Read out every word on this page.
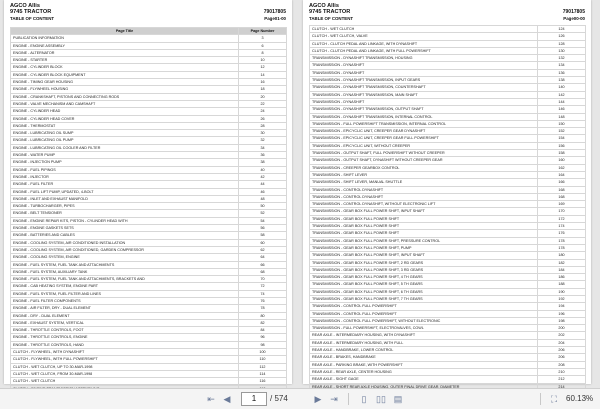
AGCO Allis
9745 TRACTOR
TABLE OF CONTENT
79017805
Page01-00
Page Title	Page Number
PUBLICATION INFORMATION	3
ENGINE - ENGINE ASSEMBLY	6
ENGINE - ALTERNATOR	8
ENGINE - STARTER	10
ENGINE - CYLINDER BLOCK	12
ENGINE - CYLINDER BLOCK EQUIPMENT	14
ENGINE - TIMING GEAR HOUSING	16
ENGINE - FLYWHEEL HOUSING	18
ENGINE - CRANKSHAFT, PISTONS AND CONNECTING RODS	20
ENGINE - VALVE MECHANISM AND CAMSHAFT	22
ENGINE - CYLINDER HEAD	24
ENGINE - CYLINDER HEAD COVER	26
ENGINE - THERMOSTAT	28
ENGINE - LUBRICATING OIL SUMP	30
ENGINE - LUBRICATING OIL PUMP	32
ENGINE - LUBRICATING OIL COOLER AND FILTER	34
ENGINE - WATER PUMP	36
ENGINE - INJECTION PUMP	38
ENGINE - FUEL PIPINGS	40
ENGINE - INJECTOR	42
ENGINE - FUEL FILTER	44
ENGINE - FUEL LIFT PUMP, UPDATED, 4-BOLT	46
ENGINE - INLET AND EXHAUST MANIFOLD	48
ENGINE - TURBOCHARGER, PIPES	50
ENGINE - BELT TENSIONER	52
ENGINE - ENGINE REPAIR KITS, PISTON - CYLINDER HEAD WITH	54
ENGINE - ENGINE GASKETS SETS	56
ENGINE - BATTERIES AND CABLES	58
ENGINE - COOLING SYSTEM, AIR CONDITIONED INSTALLATION	60
ENGINE - COOLING SYSTEM, AIR CONDITIONED, GARDEN COMPRESSOR	62
ENGINE - COOLING SYSTEM, ENGINE	64
ENGINE - FUEL SYSTEM, FUEL TANK AND ATTACHMENTS	66
ENGINE - FUEL SYSTEM, AUXILIARY TANK	68
ENGINE - FUEL SYSTEM, FUEL TANK AND ATTACHMENTS, BRACKETS AND	70
ENGINE - CAB HEATING SYSTEM, ENGINE PART	72
ENGINE - FUEL SYSTEM, FUEL FILTER AND LINES	74
ENGINE - FUEL FILTER COMPONENTS	76
ENGINE - AIR FILTER, DRY - DUAL ELEMENT	78
ENGINE - DRY - DUAL ELEMENT	80
ENGINE - EXHAUST SYSTEM, VERTICAL	82
ENGINE - THROTTLE CONTROLS, FOOT	84
ENGINE - THROTTLE CONTROLS, ENGINE	96
ENGINE - THROTTLE CONTROLS, HAND	98
CLUTCH - FLYWHEEL, WITH DYNASHIFT	100
CLUTCH - FLYWHEEL, WITH FULL POWERSHIFT	110
CLUTCH - WET CLUTCH, UP TO 30-MAR-1998	112
CLUTCH - WET CLUTCH, FROM 30-MAR-1998	114
CLUTCH - WET CLUTCH	116

AGCO Allis
9745 TRACTOR
TABLE OF CONTENT
79017805
Page00-00
CLUTCH - WET CLUTCH	124
CLUTCH - WET CLUTCH, VALVE	126
CLUTCH - CLUTCH PEDAL AND LINKAGE, WITH DYNASHIFT	128
CLUTCH - CLUTCH PEDAL AND LINKAGE, WITH FULL POWERSHIFT	130
TRANSMISSION - DYNASHIFT TRANSMISSION, HOUSING	132
TRANSMISSION - DYNASHIFT	134
TRANSMISSION - DYNASHIFT	136
TRANSMISSION - DYNASHIFT TRANSMISSION, INPUT GEARS	138
TRANSMISSION - DYNASHIFT TRANSMISSION, COUNTERSHAFT	140
TRANSMISSION - DYNASHIFT TRANSMISSION, MAIN SHAFT	142
TRANSMISSION - DYNASHIFT	144
TRANSMISSION - DYNASHIFT TRANSMISSION, OUTPUT SHAFT	146
TRANSMISSION - DYNASHIFT TRANSMISSION, INTERNAL CONTROL	148
TRANSMISSION - FULL POWERSHIFT TRANSMISSION, INTERNAL CONTROL	150
TRANSMISSION - EPICYCLIC UNIT, CREEPER GEAR DYNASHIFT	152
TRANSMISSION - EPICYCLIC UNIT, CREEPER GEAR FULL POWERSHIFT	154
TRANSMISSION - EPICYCLIC UNIT, WITHOUT CREEPER	156
TRANSMISSION - OUTPUT SHAFT, FULL POWERSHIFT WITHOUT CREEPER	158
TRANSMISSION - OUTPUT SHAFT, DYNASHIFT WITHOUT CREEPER GEAR	160
TRANSMISSION - CREEPER GEARBOX CONTROL	162
TRANSMISSION - SHIFT LEVER	164
TRANSMISSION - SHIFT LEVER, MANUAL SHUTTLE	166
TRANSMISSION - CONTROL DYNASHIFT	168
TRANSMISSION - CONTROL DYNASHIFT	168
TRANSMISSION - CONTROL DYNASHIFT, WITHOUT ELECTRONIC LIFT	169
TRANSMISSION - GEAR BOX FULL POWER SHIFT, INPUT SHAFT	170
TRANSMISSION - GEAR BOX FULL POWER SHIFT	172
TRANSMISSION - GEAR BOX FULL POWER SHIFT	174
TRANSMISSION - GEAR BOX FULL POWER SHIFT	176
TRANSMISSION - GEAR BOX FULL POWER SHIFT, PRESSURE CONTROL	178
TRANSMISSION - GEAR BOX FULL POWER SHIFT, PUMP	178
TRANSMISSION - GEAR BOX FULL POWER SHIFT, INPUT SHAFT	180
TRANSMISSION - GEAR BOX FULL POWER SHIFT, 2 RD GEARS	182
TRANSMISSION - GEAR BOX FULL POWER SHIFT, 3 RD GEARS	184
TRANSMISSION - GEAR BOX FULL POWER SHIFT, 4 TH GEARS	186
TRANSMISSION - GEAR BOX FULL POWER SHIFT, 5 TH GEARS	188
TRANSMISSION - GEAR BOX FULL POWER SHIFT, 6 TH GEARS	190
TRANSMISSION - GEAR BOX FULL POWER SHIFT, 7 TH GEARS	192
TRANSMISSION - CONTROL FULL POWERSHIFT	194
TRANSMISSION - CONTROL FULL POWERSHIFT	196
TRANSMISSION - CONTROL FULL POWERSHIFT, WITHOUT ELECTRONIC	198
TRANSMISSION - FULL POWERSHIFT, ELECTROVALVES, COWL	200
REAR AXLE - INTERMEDIARY HOUSING, WITH DYNASHIFT	202
REAR AXLE - INTERMEDIARY HOUSING, WITH FULL	204
REAR AXLE - HANDBRAKE, LOWER CONTROL	206
REAR AXLE - BRAKES, HANDBRAKE	206
REAR AXLE - PARKING BRAKE, WITH POWERSHIFT	208
REAR AXLE - REAR AXLE, CENTER HOUSING	210
REAR AXLE - SIGHT GAGE	212
REAR AXLE - SHORT REAR AXLE HOUSING, OUTER FINAL DRIVE GEAR, DIAMETER	214

⇤ ◀	1	/ 574	▶ ⇥	▯	▯▯ ▤	⛶	60.13%
